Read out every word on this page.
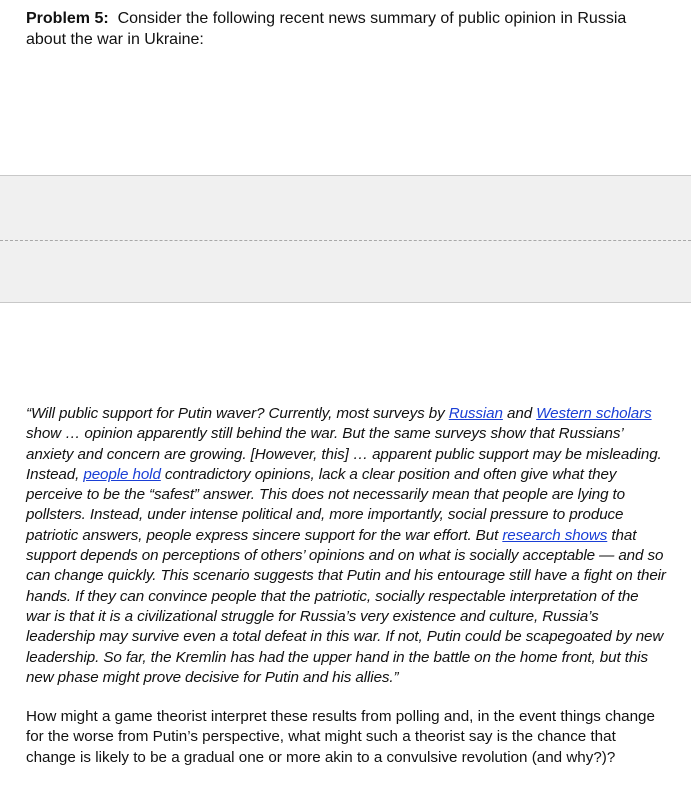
Problem 5: Consider the following recent news summary of public opinion in Russia
about the war in Ukraine:
“Will public support for Putin waver? Currently, most surveys by Russian and Western scholars
show … opinion apparently still behind the war. But the same surveys show that Russians’
anxiety and concern are growing. [However, this] … apparent public support may be misleading.
Instead, people hold contradictory opinions, lack a clear position and often give what they
perceive to be the “safest” answer. This does not necessarily mean that people are lying to
pollsters. Instead, under intense political and, more importantly, social pressure to produce
patriotic answers, people express sincere support for the war effort. But research shows that
support depends on perceptions of others’ opinions and on what is socially acceptable — and so
can change quickly. This scenario suggests that Putin and his entourage still have a fight on their
hands. If they can convince people that the patriotic, socially respectable interpretation of the
war is that it is a civilizational struggle for Russia’s very existence and culture, Russia’s
leadership may survive even a total defeat in this war. If not, Putin could be scapegoated by new
leadership. So far, the Kremlin has had the upper hand in the battle on the home front, but this
new phase might prove decisive for Putin and his allies.”
How might a game theorist interpret these results from polling and, in the event things change
for the worse from Putin’s perspective, what might such a theorist say is the chance that
change is likely to be a gradual one or more akin to a convulsive revolution (and why?)?
